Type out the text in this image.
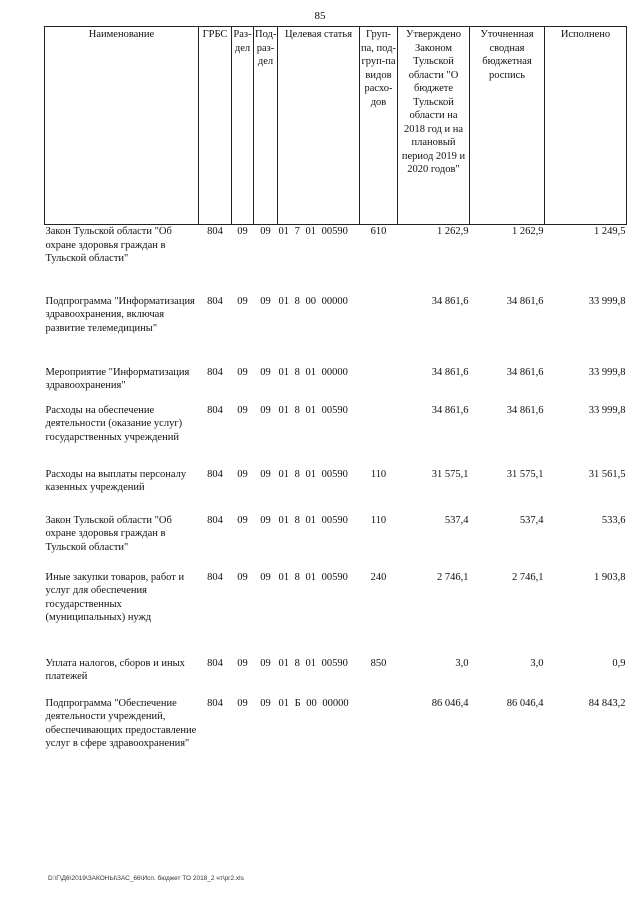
85
Наименование	ГРБС	Раз-дел	Под-раз-дел	Целевая статья	Груп-па, под-груп-па видов расхо-дов	Утверждено Законом Тульской области "О бюджете Тульской области на 2018 год и на плановый период 2019 и 2020 годов"	Уточненная сводная бюджетная роспись	Исполнено
Закон Тульской области "Об охране здоровья граждан в Тульской области"	804	09	09	01 7 01 00590	610	1 262,9	1 262,9	1 249,5
Подпрограмма "Информатизация здравоохранения, включая развитие телемедицины"	804	09	09	01 8 00 00000		34 861,6	34 861,6	33 999,8
Мероприятие "Информатизация здравоохранения"	804	09	09	01 8 01 00000		34 861,6	34 861,6	33 999,8
Расходы на обеспечение деятельности (оказание услуг) государственных учреждений	804	09	09	01 8 01 00590		34 861,6	34 861,6	33 999,8
Расходы на выплаты персоналу казенных учреждений	804	09	09	01 8 01 00590	110	31 575,1	31 575,1	31 561,5
Закон Тульской области "Об охране здоровья граждан в Тульской области"	804	09	09	01 8 01 00590	110	537,4	537,4	533,6
Иные закупки товаров, работ и услуг для обеспечения государственных (муниципальных) нужд	804	09	09	01 8 01 00590	240	2 746,1	2 746,1	1 903,8
Уплата налогов, сборов и иных платежей	804	09	09	01 8 01 00590	850	3,0	3,0	0,9
Подпрограмма "Обеспечение деятельности учреждений, обеспечивающих предоставление услуг в сфере здравоохранения"	804	09	09	01 Б 00 00000		86 046,4	86 046,4	84 843,2
D:\Г\Д6\2019\ЗАКОНЫ\ЗАС_66\Исп. бюджет ТО 2018_2 чт\рг2.xls
